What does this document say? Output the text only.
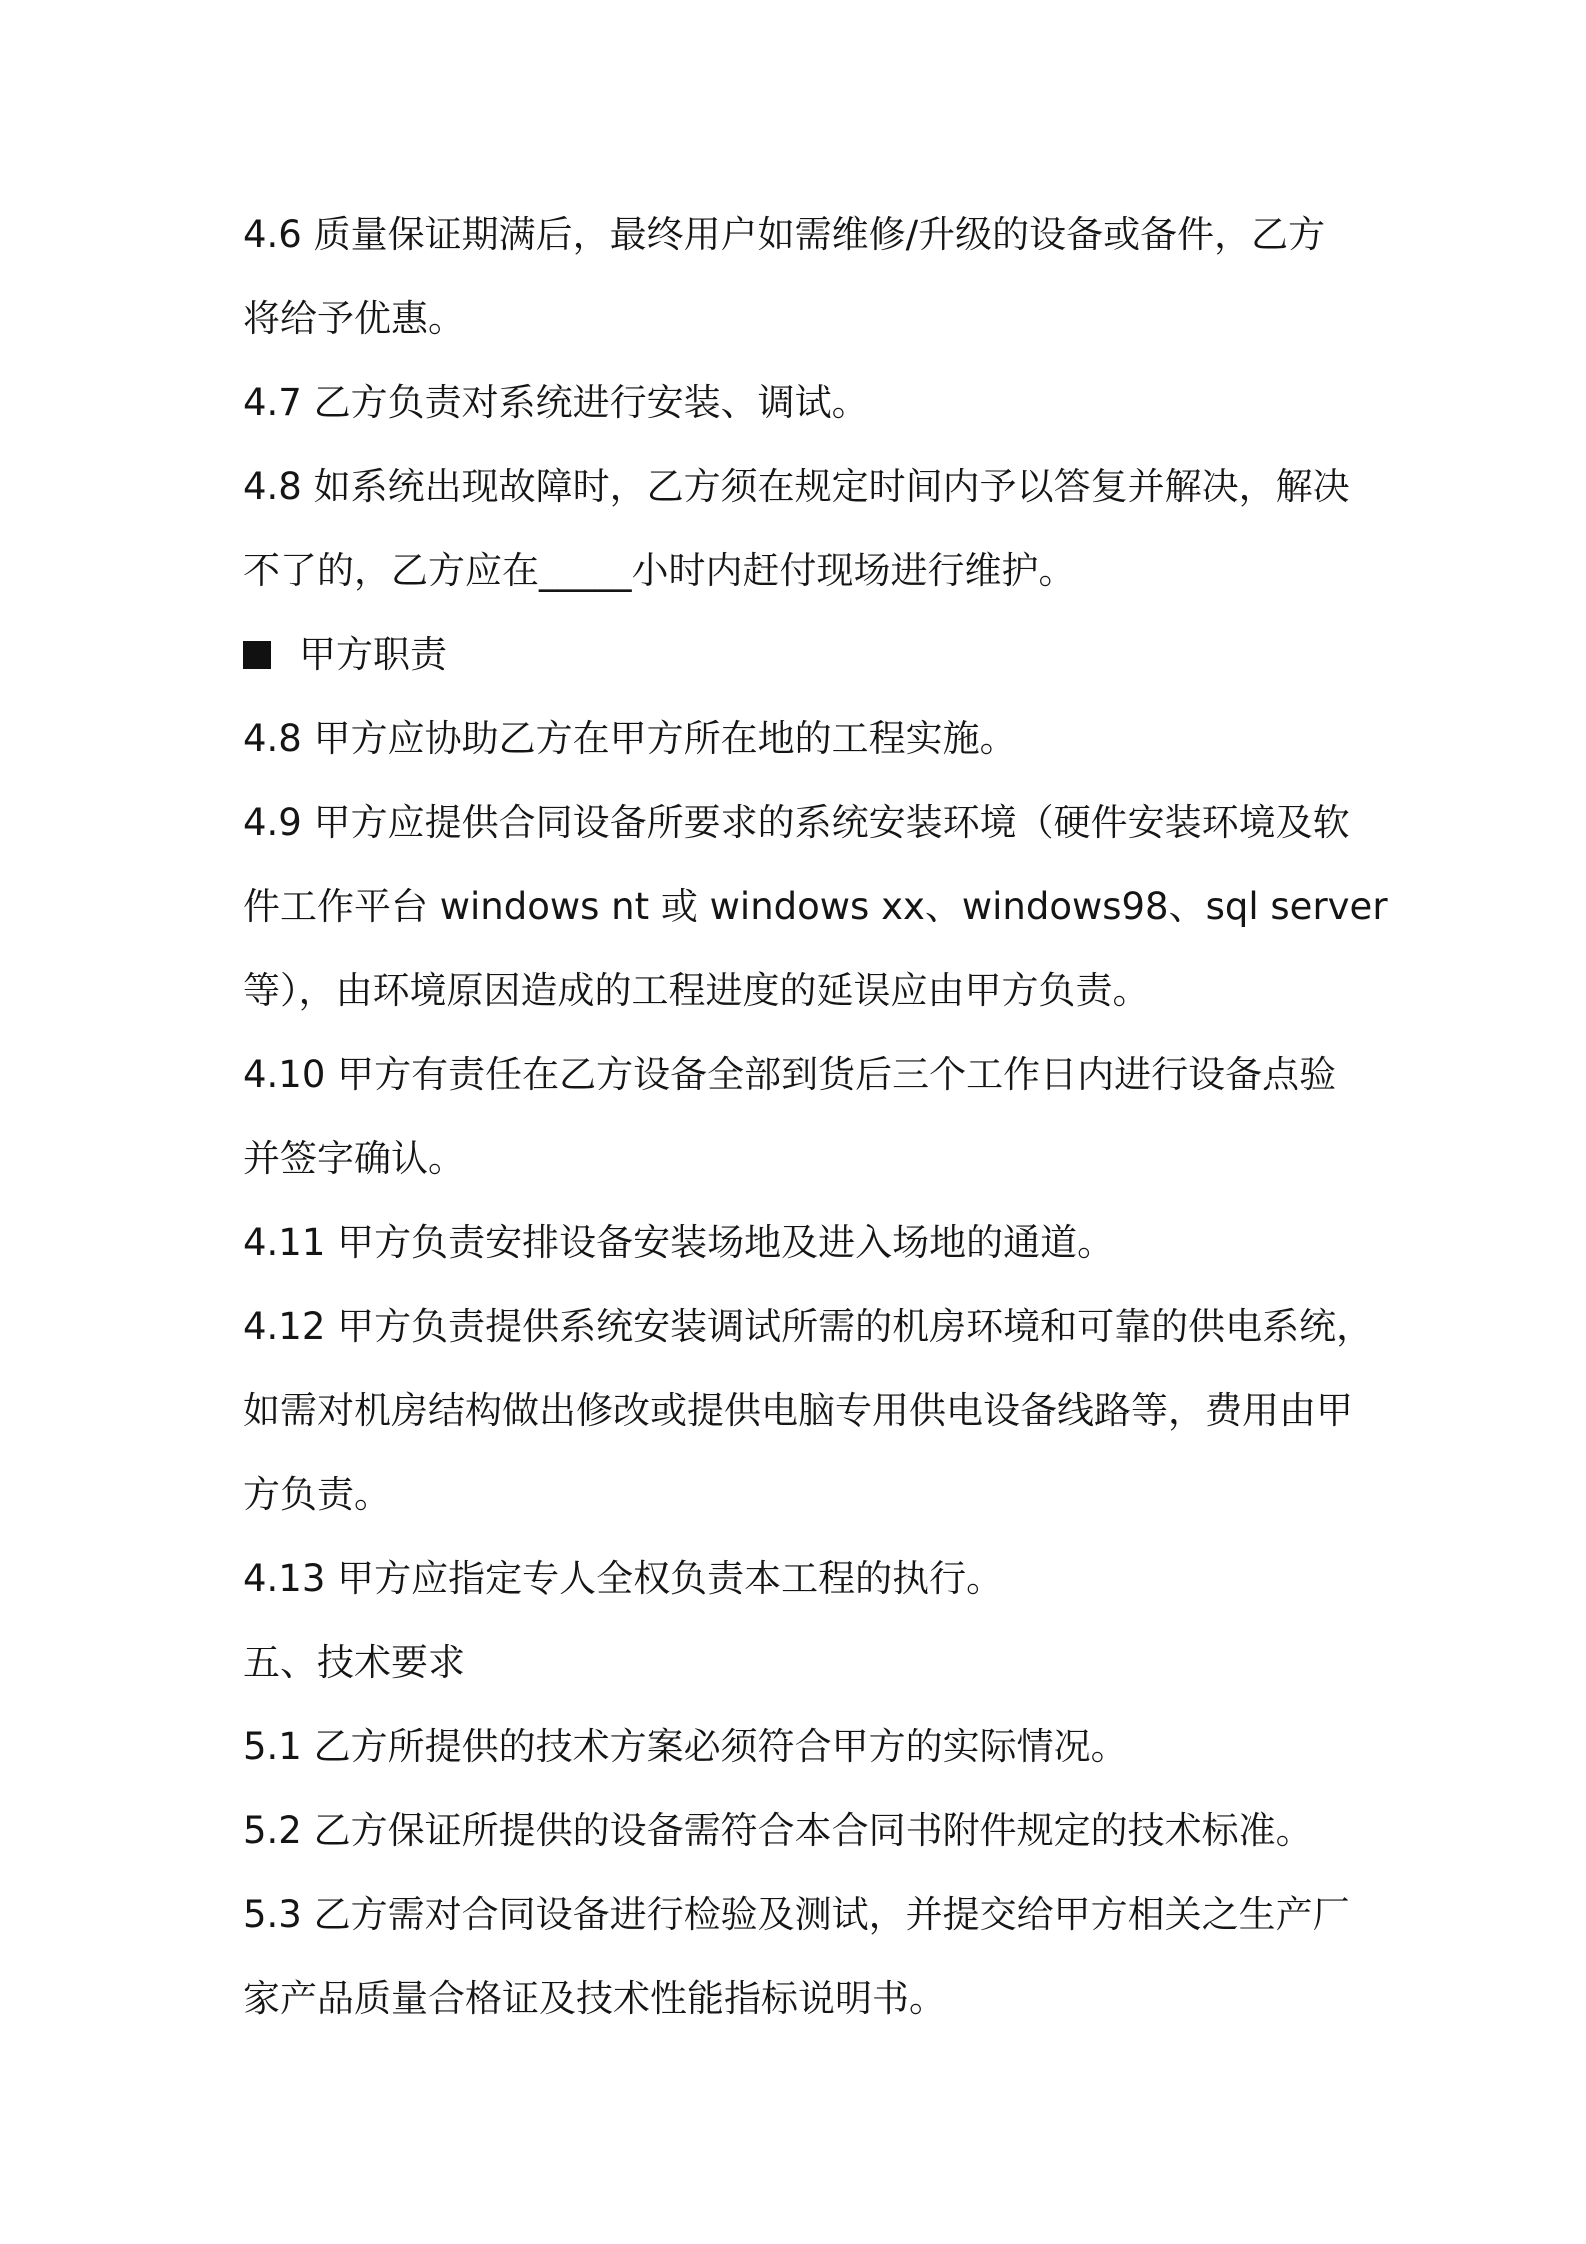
4.6 质量保证期满后，最终用户如需维修/升级的设备或备件，乙方

将给予优惠。

4.7 乙方负责对系统进行安装、调试。

4.8 如系统出现故障时，乙方须在规定时间内予以答复并解决，解决

不了的，乙方应在_____小时内赶付现场进行维护。

甲方职责

4.8 甲方应协助乙方在甲方所在地的工程实施。

4.9 甲方应提供合同设备所要求的系统安装环境（硬件安装环境及软

件工作平台 windows nt 或 windows xx、windows98、sql server

等），由环境原因造成的工程进度的延误应由甲方负责。

4.10 甲方有责任在乙方设备全部到货后三个工作日内进行设备点验

并签字确认。

4.11 甲方负责安排设备安装场地及进入场地的通道。

4.12 甲方负责提供系统安装调试所需的机房环境和可靠的供电系统，

如需对机房结构做出修改或提供电脑专用供电设备线路等，费用由甲

方负责。

4.13 甲方应指定专人全权负责本工程的执行。

五、技术要求

5.1 乙方所提供的技术方案必须符合甲方的实际情况。

5.2 乙方保证所提供的设备需符合本合同书附件规定的技术标准。

5.3 乙方需对合同设备进行检验及测试，并提交给甲方相关之生产厂

家产品质量合格证及技术性能指标说明书。
